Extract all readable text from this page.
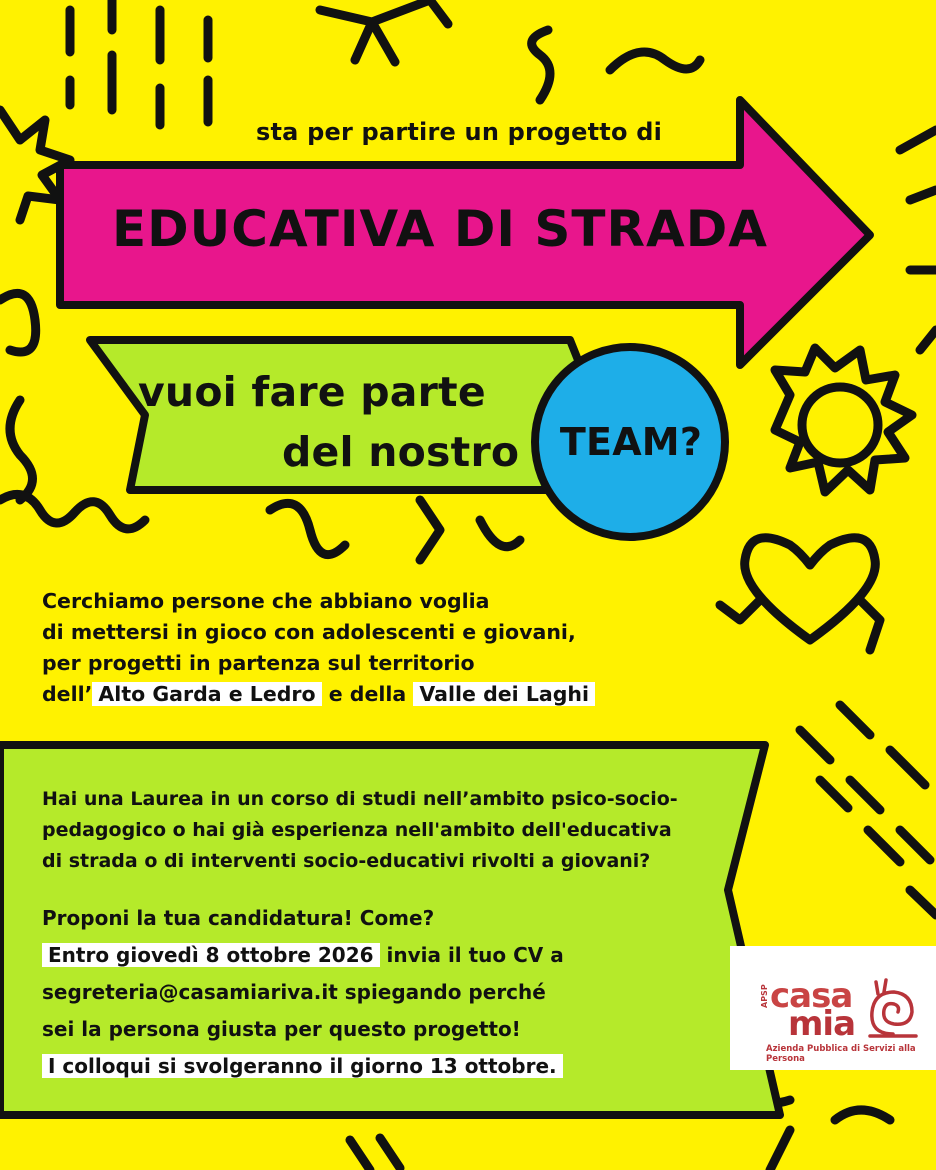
sta per partire un progetto di
EDUCATIVA DI STRADA
vuoi fare parte
del nostro	TEAM?
Cerchiamo persone che abbiano voglia
di mettersi in gioco con adolescenti e giovani,
per progetti in partenza sul territorio
dell’ Alto Garda e Ledro e della Valle dei Laghi
Hai una Laurea in un corso di studi nell’ambito psico-socio-
pedagogico o hai già esperienza nell'ambito dell'educativa
di strada o di interventi socio-educativi rivolti a giovani?
Proponi la tua candidatura! Come?
Entro giovedì 8 ottobre 2026 invia il tuo CV a
segreteria@casamiariva.it spiegando perché
sei la persona giusta per questo progetto!
I colloqui si svolgeranno il giorno 13 ottobre.
casa
mia
APSP
Azienda Pubblica di Servizi alla Persona
